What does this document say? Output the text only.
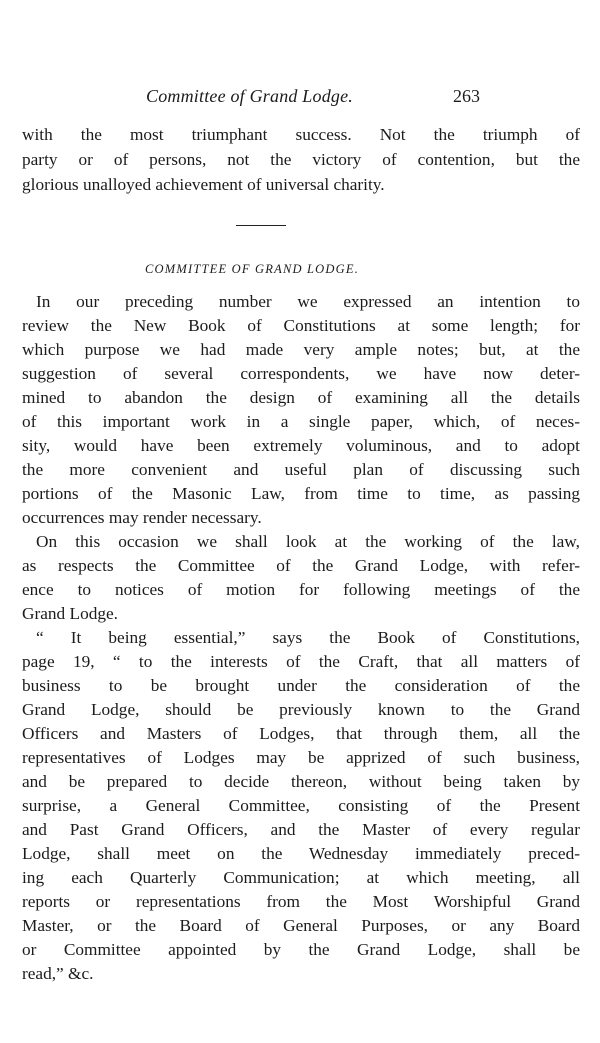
Committee of Grand Lodge.	263
with the most triumphant success. Not the triumph of
party or of persons, not the victory of contention, but the
glorious unalloyed achievement of universal charity.
COMMITTEE OF GRAND LODGE.
In our preceding number we expressed an intention to
review the New Book of Constitutions at some length; for
which purpose we had made very ample notes; but, at the
suggestion of several correspondents, we have now deter-
mined to abandon the design of examining all the details
of this important work in a single paper, which, of neces-
sity, would have been extremely voluminous, and to adopt
the more convenient and useful plan of discussing such
portions of the Masonic Law, from time to time, as passing
occurrences may render necessary.
On this occasion we shall look at the working of the law,
as respects the Committee of the Grand Lodge, with refer-
ence to notices of motion for following meetings of the
Grand Lodge.
“ It being essential,” says the Book of Constitutions,
page 19, “ to the interests of the Craft, that all matters of
business to be brought under the consideration of the
Grand Lodge, should be previously known to the Grand
Officers and Masters of Lodges, that through them, all the
representatives of Lodges may be apprized of such business,
and be prepared to decide thereon, without being taken by
surprise, a General Committee, consisting of the Present
and Past Grand Officers, and the Master of every regular
Lodge, shall meet on the Wednesday immediately preced-
ing each Quarterly Communication; at which meeting, all
reports or representations from the Most Worshipful Grand
Master, or the Board of General Purposes, or any Board
or Committee appointed by the Grand Lodge, shall be
read,” &c.
